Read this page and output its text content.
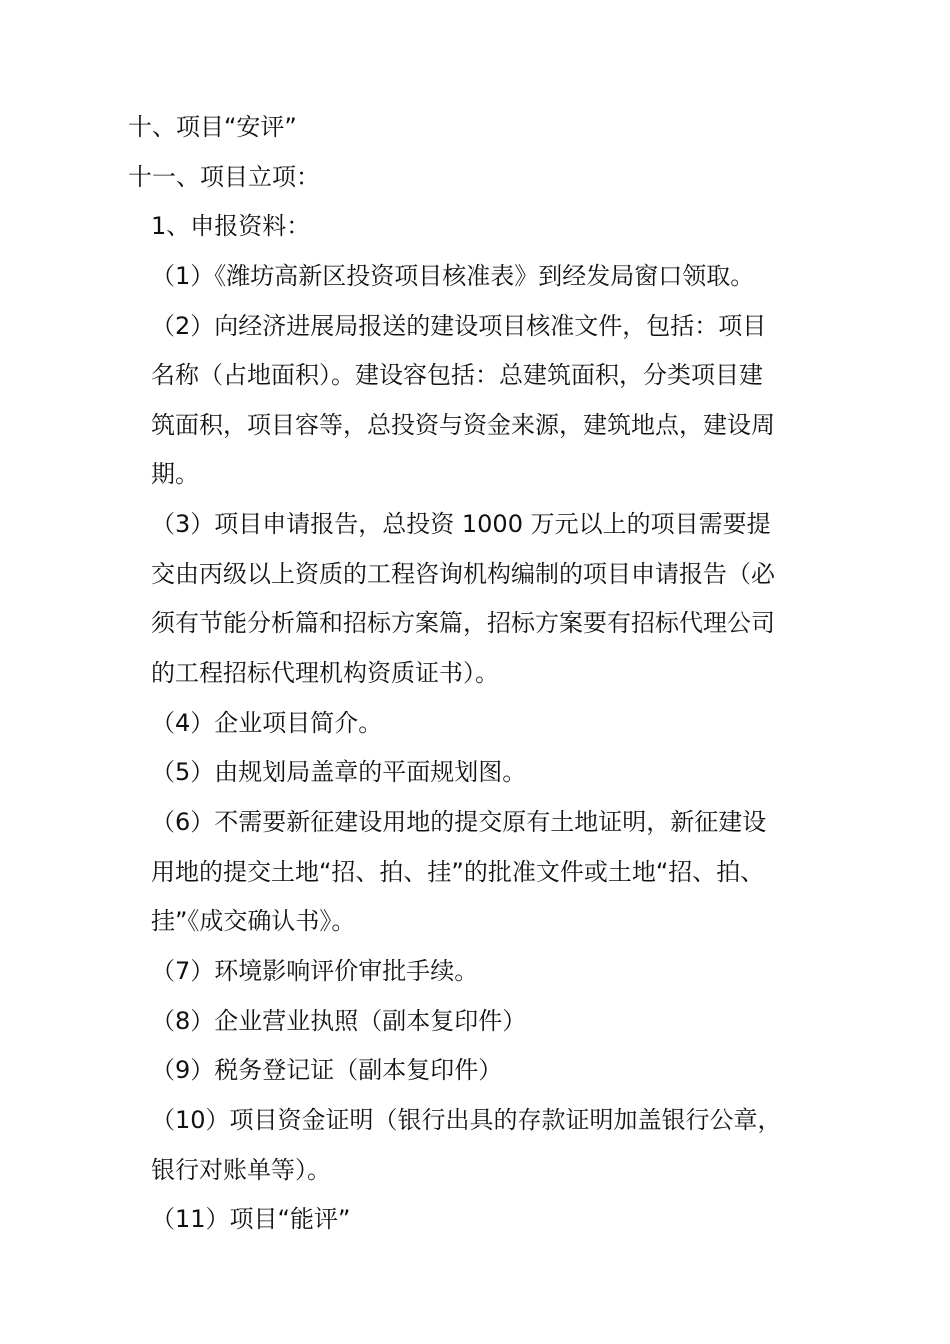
十、项目“安评”
十一、项目立项：
1、申报资料：
（1）《潍坊高新区投资项目核准表》到经发局窗口领取。
（2）向经济进展局报送的建设项目核准文件，包括：项目
名称（占地面积）。建设容包括：总建筑面积，分类项目建
筑面积，项目容等，总投资与资金来源，建筑地点，建设周
期。
（3）项目申请报告，总投资 1000 万元以上的项目需要提
交由丙级以上资质的工程咨询机构编制的项目申请报告（必
须有节能分析篇和招标方案篇，招标方案要有招标代理公司
的工程招标代理机构资质证书）。
（4）企业项目简介。
（5）由规划局盖章的平面规划图。
（6）不需要新征建设用地的提交原有土地证明，新征建设
用地的提交土地“招、拍、挂”的批准文件或土地“招、拍、
挂”《成交确认书》。
（7）环境影响评价审批手续。
（8）企业营业执照（副本复印件）
（9）税务登记证（副本复印件）
（10）项目资金证明（银行出具的存款证明加盖银行公章，
银行对账单等）。
（11）项目“能评”
